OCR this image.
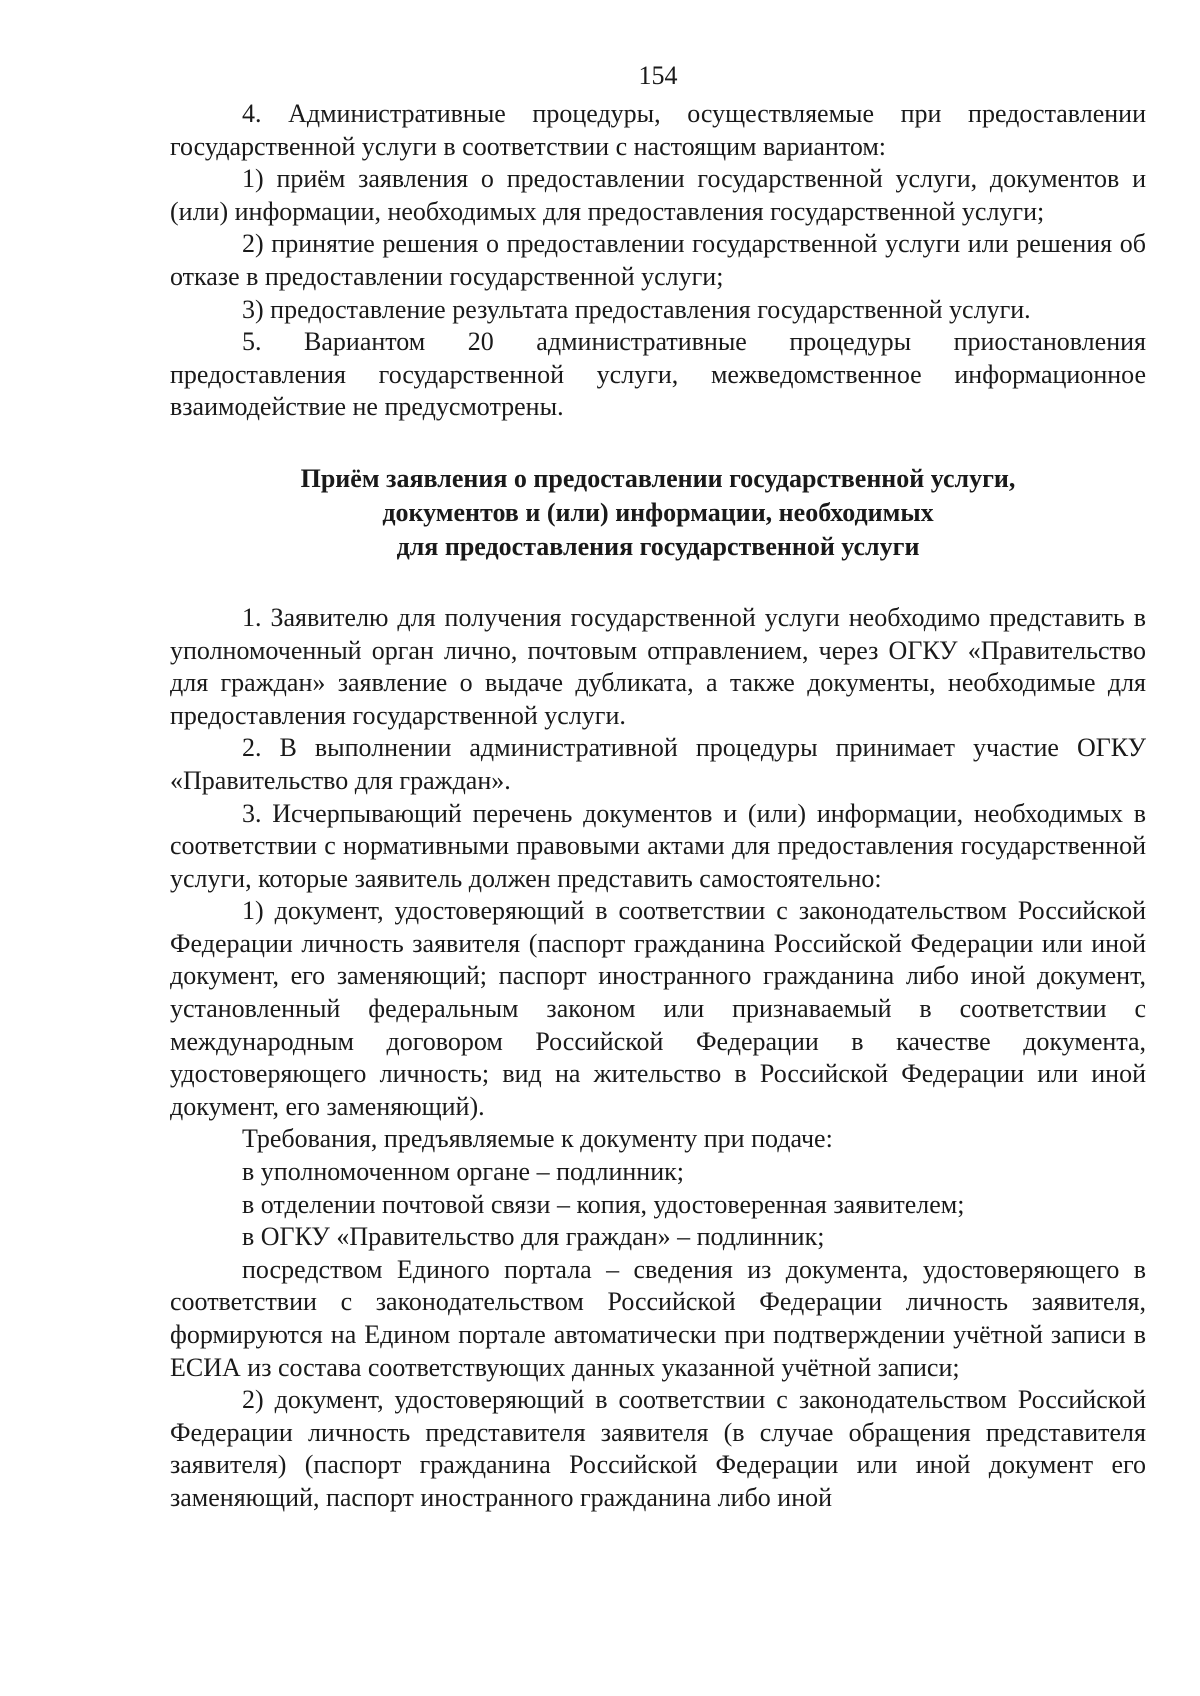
154

4. Административные процедуры, осуществляемые при предоставлении государственной услуги в соответствии с настоящим вариантом:

1) приём заявления о предоставлении государственной услуги, документов и (или) информации, необходимых для предоставления государственной услуги;

2) принятие решения о предоставлении государственной услуги или решения об отказе в предоставлении государственной услуги;

3) предоставление результата предоставления государственной услуги.

5. Вариантом 20 административные процедуры приостановления предоставления государственной услуги, межведомственное информационное взаимодействие не предусмотрены.

Приём заявления о предоставлении государственной услуги,
документов и (или) информации, необходимых
для предоставления государственной услуги

1. Заявителю для получения государственной услуги необходимо представить в уполномоченный орган лично, почтовым отправлением, через ОГКУ «Правительство для граждан» заявление о выдаче дубликата, а также документы, необходимые для предоставления государственной услуги.

2. В выполнении административной процедуры принимает участие ОГКУ «Правительство для граждан».

3. Исчерпывающий перечень документов и (или) информации, необходимых в соответствии с нормативными правовыми актами для предоставления государственной услуги, которые заявитель должен представить самостоятельно:

1) документ, удостоверяющий в соответствии с законодательством Российской Федерации личность заявителя (паспорт гражданина Российской Федерации или иной документ, его заменяющий; паспорт иностранного гражданина либо иной документ, установленный федеральным законом или признаваемый в соответствии с международным договором Российской Федерации в качестве документа, удостоверяющего личность; вид на жительство в Российской Федерации или иной документ, его заменяющий).

Требования, предъявляемые к документу при подаче:

в уполномоченном органе – подлинник;

в отделении почтовой связи – копия, удостоверенная заявителем;

в ОГКУ «Правительство для граждан» – подлинник;

посредством Единого портала – сведения из документа, удостоверяющего в соответствии с законодательством Российской Федерации личность заявителя, формируются на Едином портале автоматически при подтверждении учётной записи в ЕСИА из состава соответствующих данных указанной учётной записи;

2) документ, удостоверяющий в соответствии с законодательством Российской Федерации личность представителя заявителя (в случае обращения представителя заявителя) (паспорт гражданина Российской Федерации или иной документ его заменяющий, паспорт иностранного гражданина либо иной
